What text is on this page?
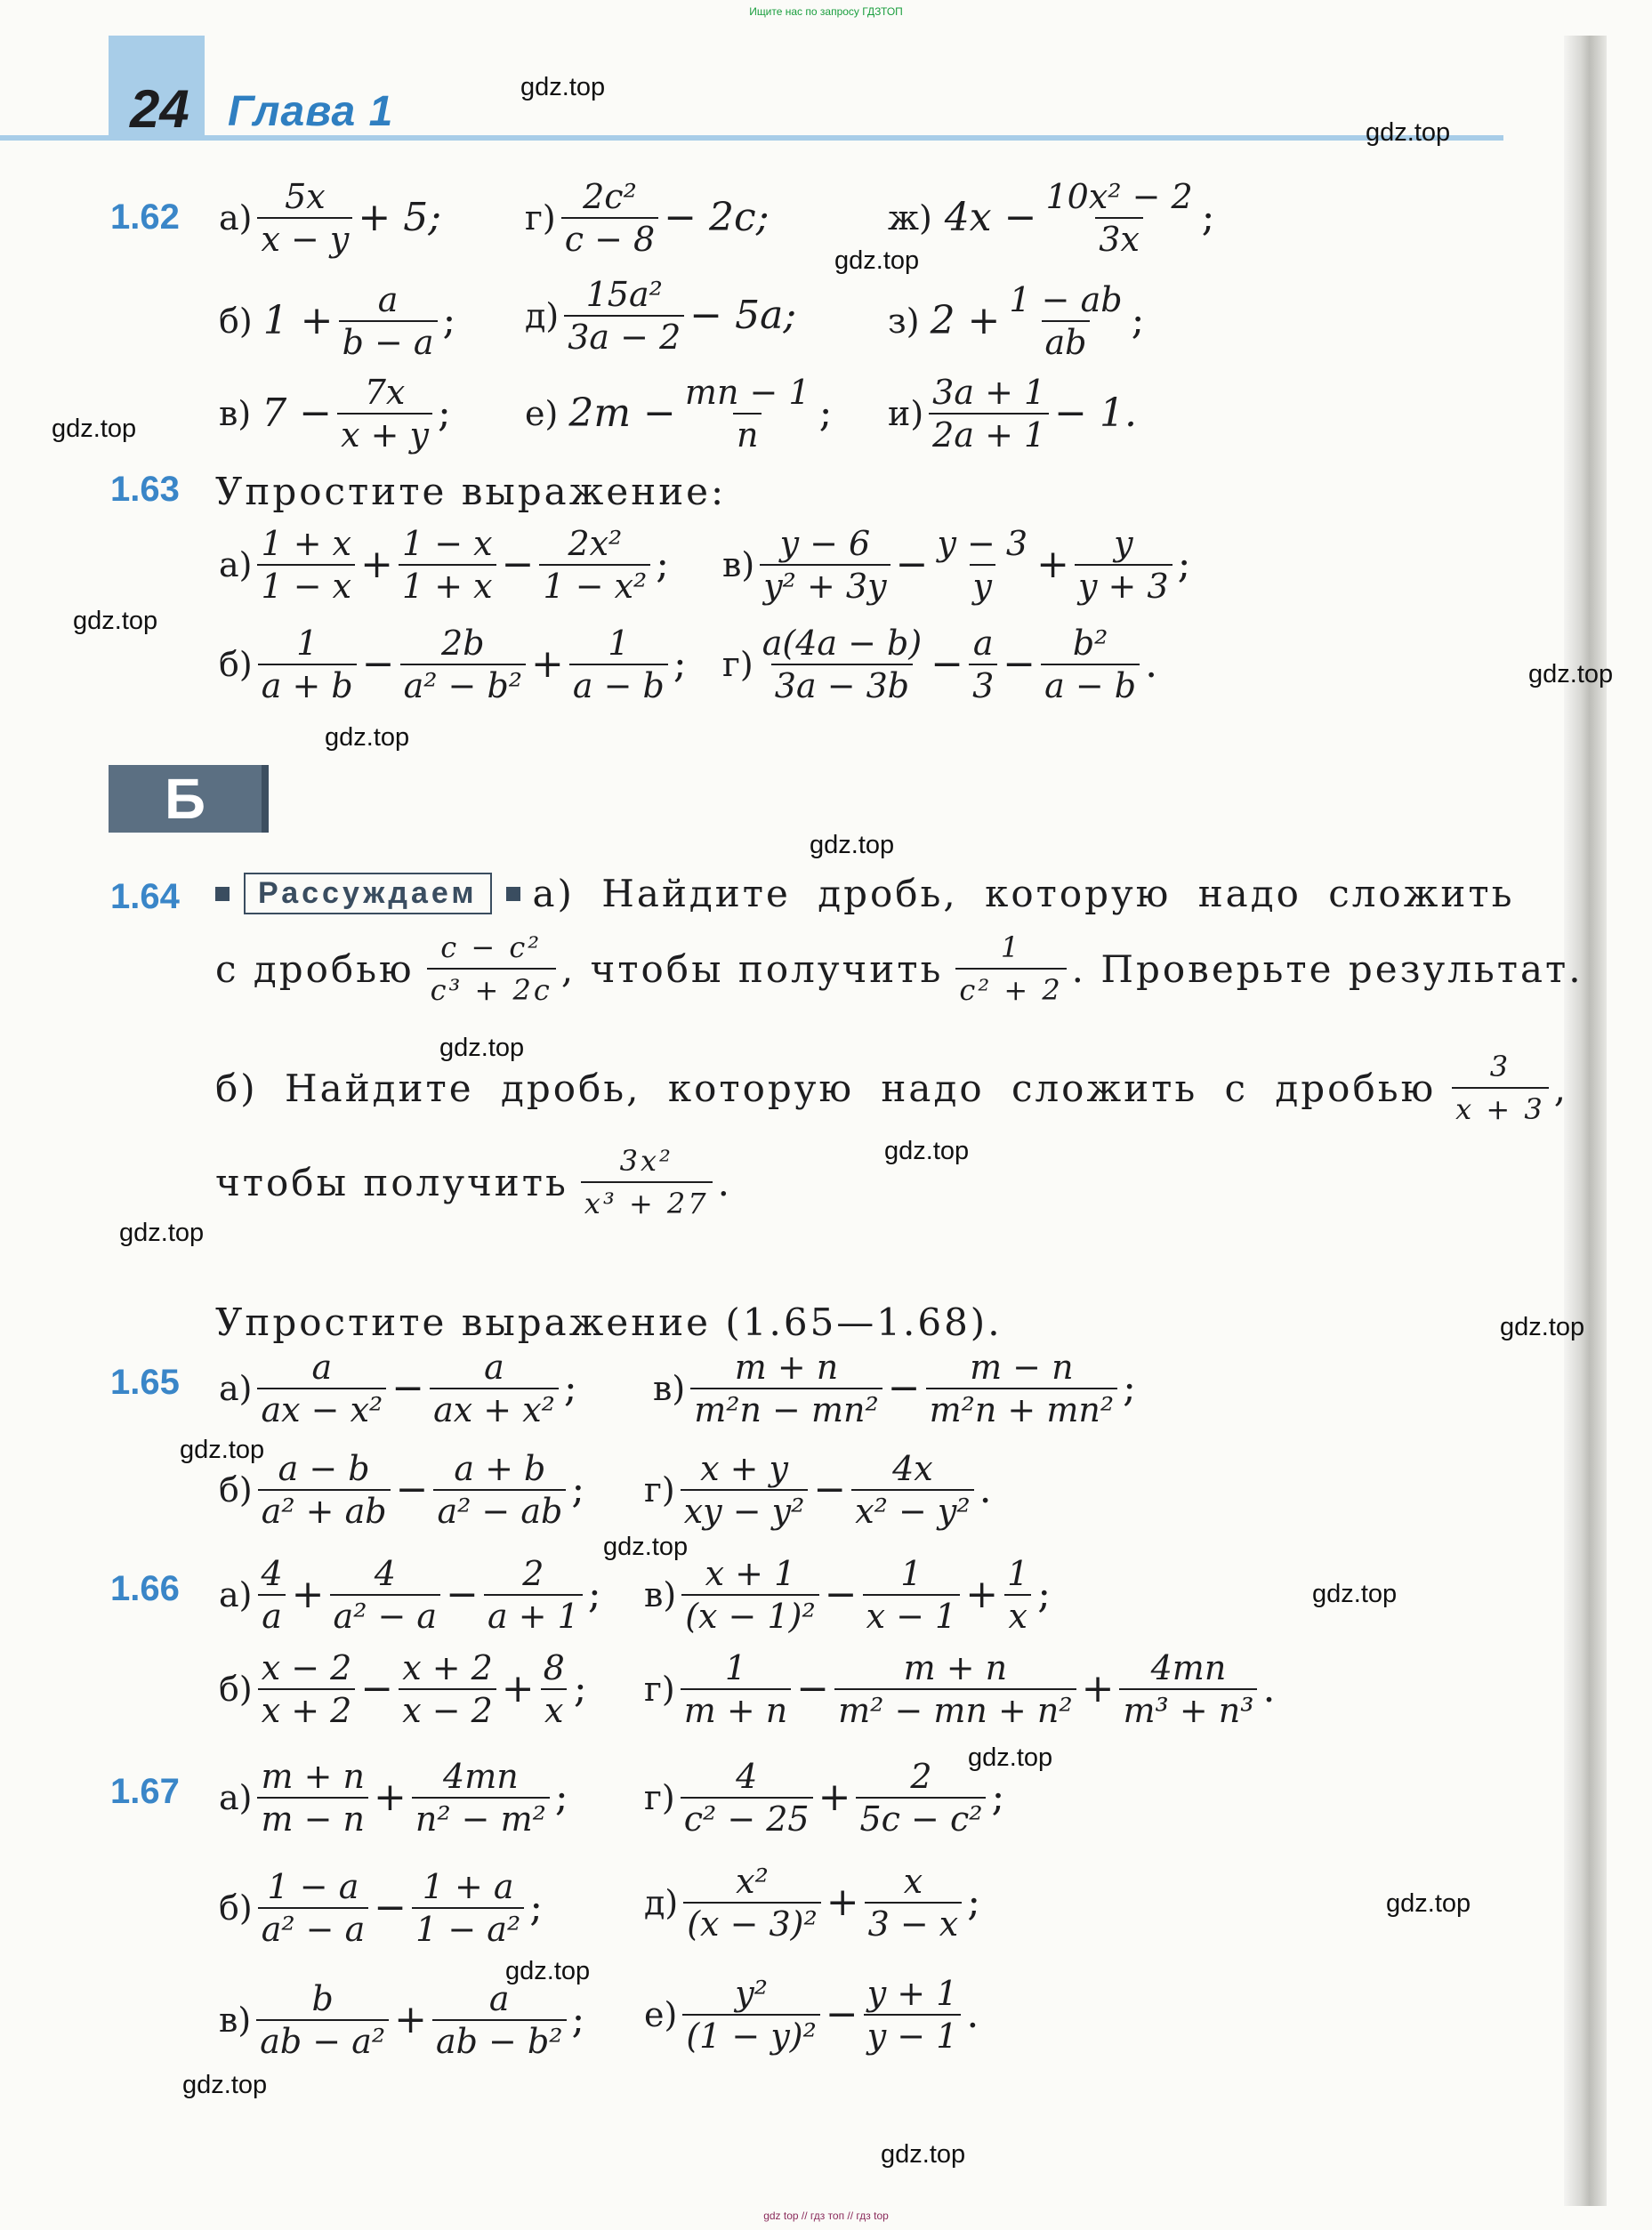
Ищите нас по запросу ГДЗТОП
24 Глава 1
gdz.top
gdz.top
gdz.top
gdz.top
gdz.top
gdz.top
gdz.top
gdz.top
gdz.top
gdz.top
gdz.top
gdz.top
gdz.top
gdz.top
gdz.top
gdz.top
gdz.top
gdz.top
gdz.top
gdz.top
1.62 $а) \frac{5x}{x - y} + 5$; $г) \frac{\text{2c²}}{c - 8} - 2c$;	ж) $4x - \frac{\text{10x² − 2}}{3x}$ ;
б) $1 + \frac{a}{b - a}$ ; $д) \frac{\text{15a²}}{3a - 2} - 5a$;	з) $2 + \frac{1 - ab}{ab}$ ;
в) $7 - \frac{7x}{x + y}$ ; е) $2m - \frac{mn - 1}{n}$ ; $и) \frac{3a + 1}{2a + 1} - 1$.
1.63 Упростите выражение:
$а) \frac{1 + x}{1 - x} + \frac{1 - x}{1 + x} - \frac{\text{2x²}}{\text{1 − x²}}$ ; $в) \frac{y - 6}{\text{y² + 3y}} - \frac{y - 3}{y} + \frac{y}{y + 3}$ ;
$б) \frac{1}{a + b} - \frac{2b}{\text{a² − b²}} + \frac{1}{a - b}$ ; $г) \frac{a(4a - b)}{3a - 3b} - \frac{a}{3} - \frac{\text{b²}}{a - b}$ .
Б
1.64	Рассуждаем	а) Найдите дробь, которую надо сложить
с дробью $\frac{\text{c − c²}}{\text{c³ + 2c}}$ , чтобы получить $\frac{1}{\text{c² + 2}}$ . Проверьте результат.
б) Найдите дробь, которую надо сложить с дробью $\frac{3}{x + 3}$ ,
чтобы получить $\frac{\text{3x²}}{\text{x³ + 27}}$ .
Упростите выражение (1.65—1.68).
1.65 $а) \frac{a}{\text{ax − x²}} - \frac{a}{\text{ax + x²}}$ ; $в) \frac{m + n}{\text{m²n − mn²}} - \frac{m - n}{\text{m²n + mn²}}$ ;
$б) \frac{a - b}{\text{a² + ab}} - \frac{a + b}{\text{a² − ab}}$ ; $г) \frac{x + y}{\text{xy − y²}} - \frac{4x}{\text{x² − y²}}$ .
1.66 $а) \frac{4}{a} + \frac{4}{\text{a² − a}} - \frac{2}{a + 1}$ ; $в) \frac{x + 1}{\text{(x − 1)²}} - \frac{1}{x - 1} + \frac{1}{x}$ ;
$б) \frac{x - 2}{x + 2} - \frac{x + 2}{x - 2} + \frac{8}{x}$ ; $г) \frac{1}{m + n} - \frac{m + n}{\text{m² − mn + n²}} + \frac{4mn}{\text{m³ + n³}}$ .
1.67 $а) \frac{m + n}{m - n} + \frac{4mn}{\text{n² − m²}}$ ; $г) \frac{4}{\text{c² − 25}} + \frac{2}{\text{5c − c²}}$ ;
$б) \frac{1 - a}{\text{a² − a}} - \frac{1 + a}{\text{1 − a²}}$ ;	$д) \frac{\text{x²}}{\text{(x − 3)²}} + \frac{x}{3 - x}$ ;
$в) \frac{b}{\text{ab − a²}} + \frac{a}{\text{ab − b²}}$ ; $е) \frac{\text{y²}}{\text{(1 − y)²}} - \frac{y + 1}{y - 1}$ .
gdz top // гдз топ // гдз top
